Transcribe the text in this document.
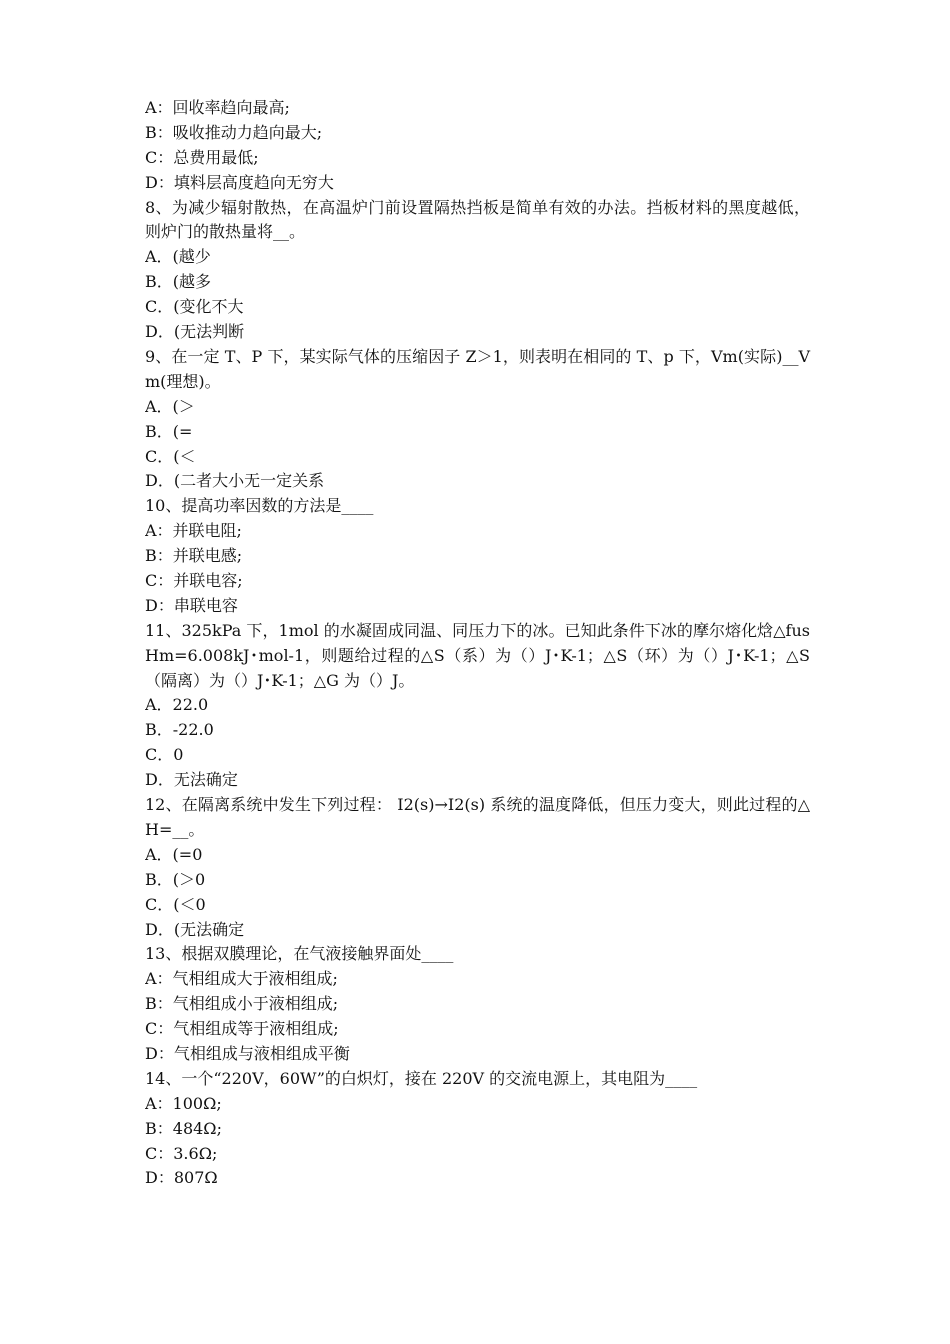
A：回收率趋向最高;
B：吸收推动力趋向最大;
C：总费用最低;
D：填料层高度趋向无穷大
8、为减少辐射散热，在高温炉门前设置隔热挡板是简单有效的办法。挡板材料的黑度越低，则炉门的散热量将__。
A．(越少
B．(越多
C．(变化不大
D．(无法判断
9、在一定 T、P 下，某实际气体的压缩因子 Z＞1，则表明在相同的 T、p 下，Vm(实际)__Vm(理想)。
A．(＞
B．(=
C．(＜
D．(二者大小无一定关系
10、提高功率因数的方法是____
A：并联电阻;
B：并联电感;
C：并联电容;
D：串联电容
11、325kPa 下，1mol 的水凝固成同温、同压力下的冰。已知此条件下冰的摩尔熔化焓△fusHm=6.008kJ･mol-1，则题给过程的△S（系）为（）J･K-1；△S（环）为（）J･K-1；△S（隔离）为（）J･K-1；△G 为（）J。
A．22.0
B．-22.0
C．0
D．无法确定
12、在隔离系统中发生下列过程： I2(s)→I2(s) 系统的温度降低，但压力变大，则此过程的△H=__。
A．(=0
B．(＞0
C．(＜0
D．(无法确定
13、根据双膜理论，在气液接触界面处____
A：气相组成大于液相组成;
B：气相组成小于液相组成;
C：气相组成等于液相组成;
D：气相组成与液相组成平衡
14、一个“220V，60W”的白炽灯，接在 220V 的交流电源上，其电阻为____
A：100Ω;
B：484Ω;
C：3.6Ω;
D：807Ω
